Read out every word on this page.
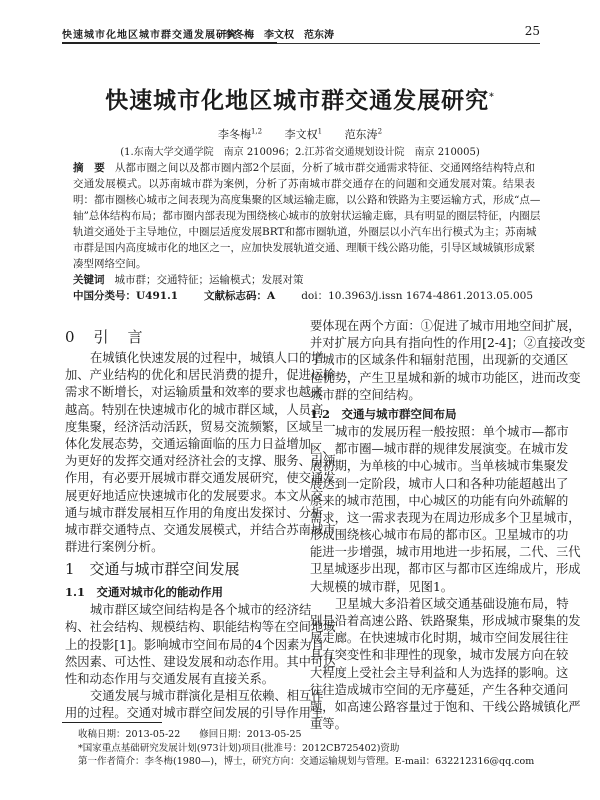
快速城市化地区城市群交通发展研究
李冬梅　李文权　范东涛	25
快速城市化地区城市群交通发展研究*
李冬梅$^{1,2}$　 李文权$^1$　 范东涛$^2$　
(1.东南大学交通学院　南京 210096；2.江苏省交通规划设计院　南京 210005)
摘　要 从都市圈之间以及都市圈内部2个层面，分析了城市群交通需求特征、交通网络结构特点和
交通发展模式。以苏南城市群为案例，分析了苏南城市群交通存在的问题和交通发展对策。结果表
明：都市圈核心城市之间表现为高度集聚的区域运输走廊，以公路和铁路为主要运输方式，形成“点—
轴”总体结构布局；都市圈内部表现为围绕核心城市的放射状运输走廊，具有明显的圈层特征，内圈层
轨道交通处于主导地位，中圈层适度发展BRT和都市圈轨道，外圈层以小汽车出行模式为主；苏南城
市群是国内高度城市化的地区之一，应加快发展轨道交通、理顺干线公路功能，引导区域城镇形成紧
凑型网络空间。
关键词 城市群；交通特征；运输模式；发展对策
中国分类号：U491.1 文献标志码：A doi：10.3963/j.issn 1674-4861.2013.05.005
0　引　言
在城镇化快速发展的过程中，城镇人口的增
加、产业结构的优化和居民消费的提升，促进运输
需求不断增长，对运输质量和效率的要求也越来
越高。特别在快速城市化的城市群区域，人员高
度集聚，经济活动活跃，贸易交流频繁，区域呈一
体化发展态势，交通运输面临的压力日益增加。
为更好的发挥交通对经济社会的支撑、服务、引领
作用，有必要开展城市群交通发展研究，使交通发
展更好地适应快速城市化的发展要求。本文从交
通与城市群发展相互作用的角度出发探讨、分析
城市群交通特点、交通发展模式，并结合苏南城市
群进行案例分析。
1　交通与城市群空间发展
1.1　交通对城市化的能动作用
城市群区域空间结构是各个城市的经济结
构、社会结构、规模结构、职能结构等在空间地域
上的投影[1]。影响城市空间布局的4个因素为自
然因素、可达性、建设发展和动态作用。其中可达
性和动态作用与交通发展有直接关系。
交通发展与城市群演化是相互依赖、相互作
用的过程。交通对城市群空间发展的引导作用主
要体现在两个方面：①促进了城市用地空间扩展，
并对扩展方向具有指向性的作用[2-4]；②直接改变
了城市的区域条件和辐射范围，出现新的交通区
位优势，产生卫星城和新的城市功能区，进而改变
城市群的空间结构。
1.2　交通与城市群空间布局
城市的发展历程一般按照：单个城市—都市
区、都市圈—城市群的规律发展演变。在城市发
展初期，为单核的中心城市。当单核城市集聚发
展达到一定阶段，城市人口和各种功能超越出了
原来的城市范围，中心城区的功能有向外疏解的
需求，这一需求表现为在周边形成多个卫星城市，
形成围绕核心城市布局的都市区。卫星城市的功
能进一步增强，城市用地进一步拓展，二代、三代
卫星城逐步出现，都市区与都市区连绵成片，形成
大规模的城市群，见图1。
卫星城大多沿着区域交通基础设施布局，特
别是沿着高速公路、铁路聚集，形成城市聚集的发
展走廊。在快速城市化时期，城市空间发展往往
具有突变性和非理性的现象，城市发展方向在较
大程度上受社会主导利益和人为选择的影响。这
往往造成城市空间的无序蔓延，产生各种交通问
题，如高速公路容量过于饱和、干线公路城镇化严
重等。
收稿日期：2013-05-22　　修回日期：2013-05-25
*国家重点基础研究发展计划(973计划)项目(批准号：2012CB725402)资助
第一作者简介：李冬梅(1980—)，博士，研究方向：交通运输规划与管理。E-mail：632212316@qq.com
